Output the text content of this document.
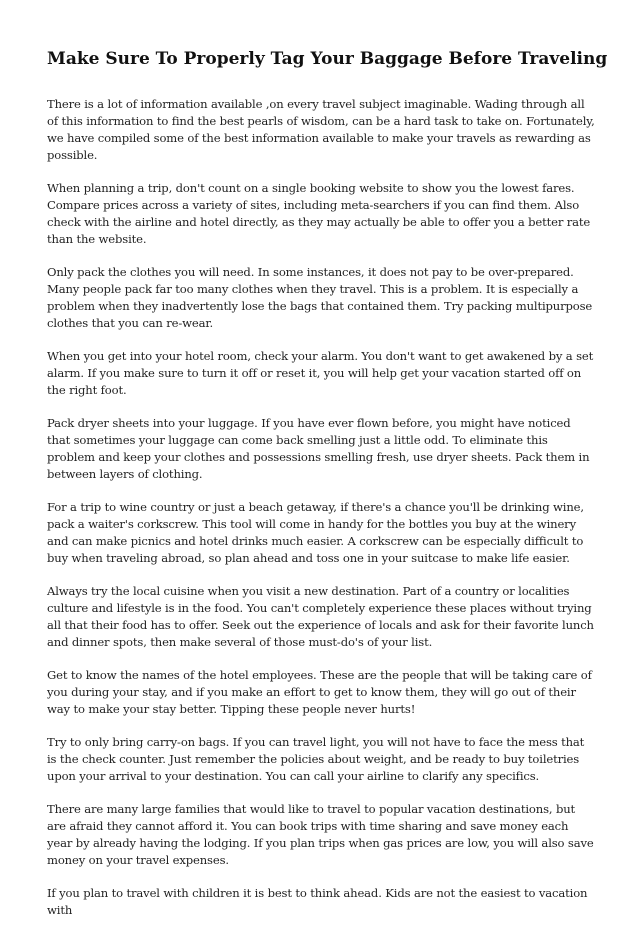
Make Sure To Properly Tag Your Baggage Before Traveling

There is a lot of information available ,on every travel subject imaginable. Wading through all of this information to find the best pearls of wisdom, can be a hard task to take on. Fortunately, we have compiled some of the best information available to make your travels as rewarding as possible.

When planning a trip, don't count on a single booking website to show you the lowest fares. Compare prices across a variety of sites, including meta-searchers if you can find them. Also check with the airline and hotel directly, as they may actually be able to offer you a better rate than the website.

Only pack the clothes you will need. In some instances, it does not pay to be over-prepared. Many people pack far too many clothes when they travel. This is a problem. It is especially a problem when they inadvertently lose the bags that contained them. Try packing multipurpose clothes that you can re-wear.

When you get into your hotel room, check your alarm. You don't want to get awakened by a set alarm. If you make sure to turn it off or reset it, you will help get your vacation started off on the right foot.

Pack dryer sheets into your luggage. If you have ever flown before, you might have noticed that sometimes your luggage can come back smelling just a little odd. To eliminate this problem and keep your clothes and possessions smelling fresh, use dryer sheets. Pack them in between layers of clothing.

For a trip to wine country or just a beach getaway, if there's a chance you'll be drinking wine, pack a waiter's corkscrew. This tool will come in handy for the bottles you buy at the winery and can make picnics and hotel drinks much easier. A corkscrew can be especially difficult to buy when traveling abroad, so plan ahead and toss one in your suitcase to make life easier.

Always try the local cuisine when you visit a new destination. Part of a country or localities culture and lifestyle is in the food. You can't completely experience these places without trying all that their food has to offer. Seek out the experience of locals and ask for their favorite lunch and dinner spots, then make several of those must-do's of your list.

Get to know the names of the hotel employees. These are the people that will be taking care of you during your stay, and if you make an effort to get to know them, they will go out of their way to make your stay better. Tipping these people never hurts!

Try to only bring carry-on bags. If you can travel light, you will not have to face the mess that is the check counter. Just remember the policies about weight, and be ready to buy toiletries upon your arrival to your destination. You can call your airline to clarify any specifics.

There are many large families that would like to travel to popular vacation destinations, but are afraid they cannot afford it. You can book trips with time sharing and save money each year by already having the lodging. If you plan trips when gas prices are low, you will also save money on your travel expenses.

If you plan to travel with children it is best to think ahead. Kids are not the easiest to vacation with
